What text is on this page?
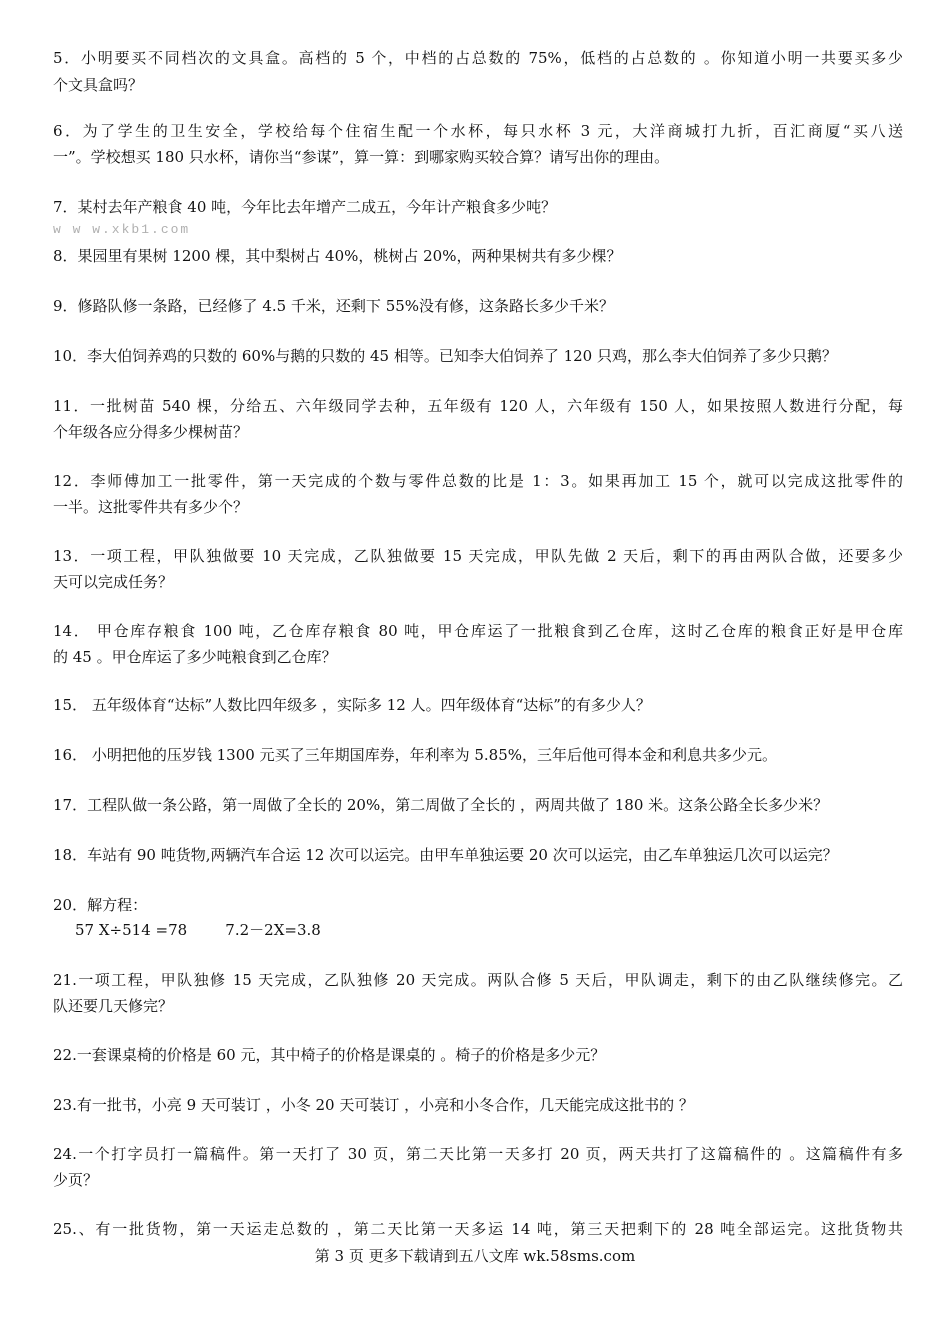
5．小明要买不同档次的文具盒。高档的 5 个，中档的占总数的 75%，低档的占总数的 。你知道小明一共要买多少
个文具盒吗？
6．为了学生的卫生安全，学校给每个住宿生配一个水杯，每只水杯 3 元，大洋商城打九折，百汇商厦“买八送
一”。学校想买 180 只水杯，请你当“参谋”，算一算：到哪家购买较合算？请写出你的理由。
7．某村去年产粮食 40 吨，今年比去年增产二成五，今年计产粮食多少吨？
w w w.xkb1.com
8．果园里有果树 1200 棵，其中梨树占 40%，桃树占 20%，两种果树共有多少棵？
9．修路队修一条路，已经修了 4.5 千米，还剩下 55%没有修，这条路长多少千米？
10．李大伯饲养鸡的只数的 60%与鹅的只数的 45 相等。已知李大伯饲养了 120 只鸡，那么李大伯饲养了多少只鹅？
11．一批树苗 540 棵，分给五、六年级同学去种，五年级有 120 人，六年级有 150 人，如果按照人数进行分配，每
个年级各应分得多少棵树苗？
12．李师傅加工一批零件，第一天完成的个数与零件总数的比是 1：3。如果再加工 15 个，就可以完成这批零件的
一半。这批零件共有多少个？
13．一项工程，甲队独做要 10 天完成，乙队独做要 15 天完成，甲队先做 2 天后，剩下的再由两队合做，还要多少
天可以完成任务？
14． 甲仓库存粮食 100 吨，乙仓库存粮食 80 吨，甲仓库运了一批粮食到乙仓库，这时乙仓库的粮食正好是甲仓库
的 45 。甲仓库运了多少吨粮食到乙仓库？
15． 五年级体育“达标”人数比四年级多 ，实际多 12 人。四年级体育“达标”的有多少人？
16． 小明把他的压岁钱 1300 元买了三年期国库券，年利率为 5.85%，三年后他可得本金和利息共多少元。
17．工程队做一条公路，第一周做了全长的 20%，第二周做了全长的 ，两周共做了 180 米。这条公路全长多少米？
18．车站有 90 吨货物,两辆汽车合运 12 次可以运完。由甲车单独运要 20 次可以运完，由乙车单独运几次可以运完？
20．解方程：
57 X÷514 =78        7.2－2X=3.8
21.一项工程，甲队独修 15 天完成，乙队独修 20 天完成。两队合修 5 天后，甲队调走，剩下的由乙队继续修完。乙
队还要几天修完？
22.一套课桌椅的价格是 60 元，其中椅子的价格是课桌的 。椅子的价格是多少元？
23.有一批书，小亮 9 天可装订 ，小冬 20 天可装订 ，小亮和小冬合作，几天能完成这批书的 ？
24.一个打字员打一篇稿件。第一天打了 30 页，第二天比第一天多打 20 页，两天共打了这篇稿件的 。这篇稿件有多
少页？
25.、有一批货物，第一天运走总数的 ，第二天比第一天多运 14 吨，第三天把剩下的 28 吨全部运完。这批货物共
第 3 页 更多下载请到五八文库 wk.58sms.com
